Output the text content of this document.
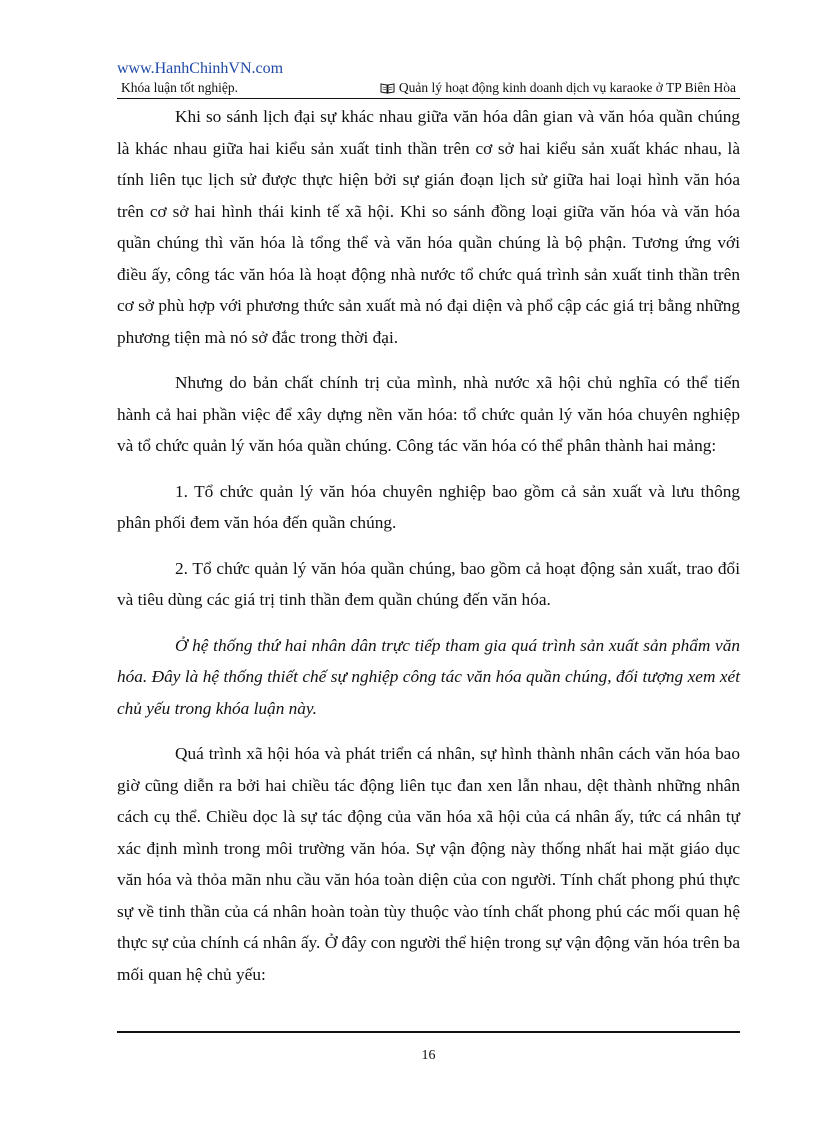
www.HanhChinhVN.com
Khóa luận tốt nghiệp.	Quản lý hoạt động kinh doanh dịch vụ karaoke ở TP Biên Hòa

Khi so sánh lịch đại sự khác nhau giữa văn hóa dân gian và văn hóa quần chúng là khác nhau giữa hai kiểu sản xuất tinh thần trên cơ sở hai kiểu sản xuất khác nhau, là tính liên tục lịch sử được thực hiện bởi sự gián đoạn lịch sử giữa hai loại hình văn hóa trên cơ sở hai hình thái kinh tế xã hội. Khi so sánh đồng loại giữa văn hóa và văn hóa quần chúng thì văn hóa là tổng thể và văn hóa quần chúng là bộ phận. Tương ứng với điều ấy, công tác văn hóa là hoạt động nhà nước tổ chức quá trình sản xuất tinh thần trên cơ sở phù hợp với phương thức sản xuất mà nó đại diện và phổ cập các giá trị bằng những phương tiện mà nó sở đắc trong thời đại.

Nhưng do bản chất chính trị của mình, nhà nước xã hội chủ nghĩa có thể tiến hành cả hai phần việc để xây dựng nền văn hóa: tổ chức quản lý văn hóa chuyên nghiệp và tổ chức quản lý văn hóa quần chúng. Công tác văn hóa có thể phân thành hai mảng:

1. Tổ chức quản lý văn hóa chuyên nghiệp bao gồm cả sản xuất và lưu thông phân phối đem văn hóa đến quần chúng.

2. Tổ chức quản lý văn hóa quần chúng, bao gồm cả hoạt động sản xuất, trao đổi và tiêu dùng các giá trị tinh thần đem quần chúng đến văn hóa.

Ở hệ thống thứ hai nhân dân trực tiếp tham gia quá trình sản xuất sản phẩm văn hóa. Đây là hệ thống thiết chế sự nghiệp công tác văn hóa quần chúng, đối tượng xem xét chủ yếu trong khóa luận này.

Quá trình xã hội hóa và phát triển cá nhân, sự hình thành nhân cách văn hóa bao giờ cũng diễn ra bởi hai chiều tác động liên tục đan xen lẫn nhau, dệt thành những nhân cách cụ thể. Chiều dọc là sự tác động của văn hóa xã hội của cá nhân ấy, tức cá nhân tự xác định mình trong môi trường văn hóa. Sự vận động này thống nhất hai mặt giáo dục văn hóa và thỏa mãn nhu cầu văn hóa toàn diện của con người. Tính chất phong phú thực sự về tinh thần của cá nhân hoàn toàn tùy thuộc vào tính chất phong phú các mối quan hệ thực sự của chính cá nhân ấy. Ở đây con người thể hiện trong sự vận động văn hóa trên ba mối quan hệ chủ yếu:

16
